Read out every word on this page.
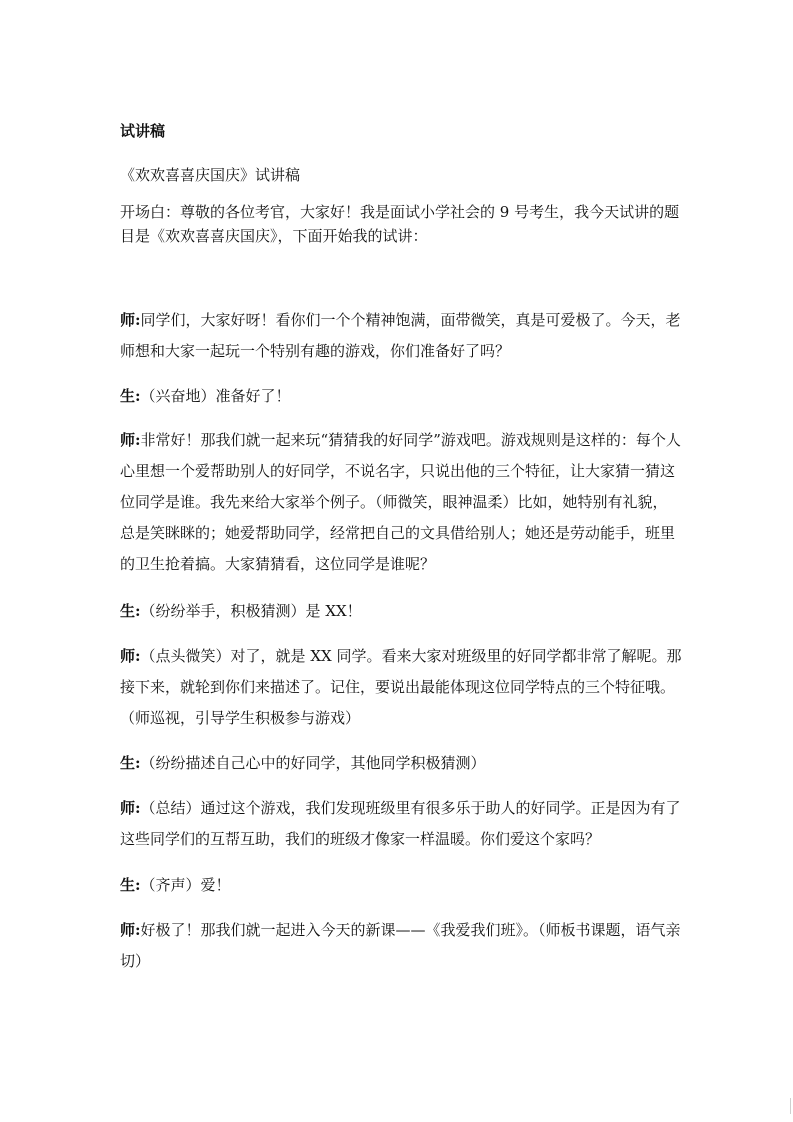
试讲稿
《欢欢喜喜庆国庆》试讲稿
开场白：尊敬的各位考官，大家好！我是面试小学社会的 9 号考生，我今天试讲的题目是《欢欢喜喜庆国庆》，下面开始我的试讲：
师:同学们，大家好呀！看你们一个个精神饱满，面带微笑，真是可爱极了。今天，老师想和大家一起玩一个特别有趣的游戏，你们准备好了吗？
生:（兴奋地）准备好了！
师:非常好！那我们就一起来玩“猜猜我的好同学”游戏吧。游戏规则是这样的：每个人心里想一个爱帮助别人的好同学，不说名字，只说出他的三个特征，让大家猜一猜这位同学是谁。我先来给大家举个例子。（师微笑，眼神温柔）比如，她特别有礼貌，总是笑眯眯的；她爱帮助同学，经常把自己的文具借给别人；她还是劳动能手，班里的卫生抢着搞。大家猜猜看，这位同学是谁呢？
生:（纷纷举手，积极猜测）是 XX！
师:（点头微笑）对了，就是 XX 同学。看来大家对班级里的好同学都非常了解呢。那接下来，就轮到你们来描述了。记住，要说出最能体现这位同学特点的三个特征哦。（师巡视，引导学生积极参与游戏）
生:（纷纷描述自己心中的好同学，其他同学积极猜测）
师:（总结）通过这个游戏，我们发现班级里有很多乐于助人的好同学。正是因为有了这些同学们的互帮互助，我们的班级才像家一样温暖。你们爱这个家吗？
生:（齐声）爱！
师:好极了！那我们就一起进入今天的新课——《我爱我们班》。（师板书课题，语气亲切）
